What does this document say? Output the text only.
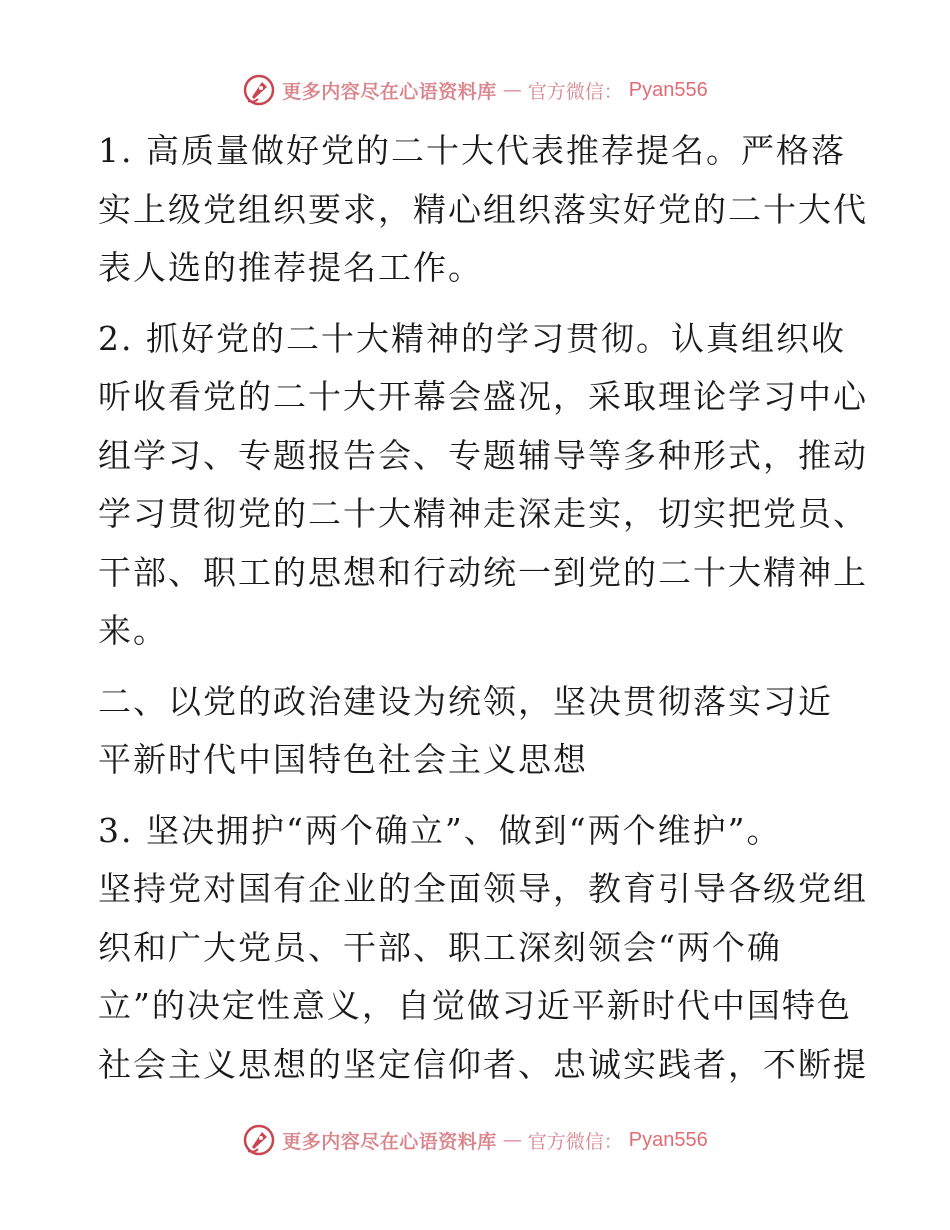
更多内容尽在心语资料库 — 官方微信： Pyan556
1. 高质量做好党的二十大代表推荐提名。严格落
实上级党组织要求，精心组织落实好党的二十大代
表人选的推荐提名工作。
2. 抓好党的二十大精神的学习贯彻。认真组织收
听收看党的二十大开幕会盛况，采取理论学习中心
组学习、专题报告会、专题辅导等多种形式，推动
学习贯彻党的二十大精神走深走实，切实把党员、
干部、职工的思想和行动统一到党的二十大精神上
来。
二、以党的政治建设为统领，坚决贯彻落实习近
平新时代中国特色社会主义思想
3. 坚决拥护“两个确立”、做到“两个维护”。
坚持党对国有企业的全面领导，教育引导各级党组
织和广大党员、干部、职工深刻领会“两个确
立”的决定性意义，自觉做习近平新时代中国特色
社会主义思想的坚定信仰者、忠诚实践者，不断提
更多内容尽在心语资料库 — 官方微信： Pyan556
